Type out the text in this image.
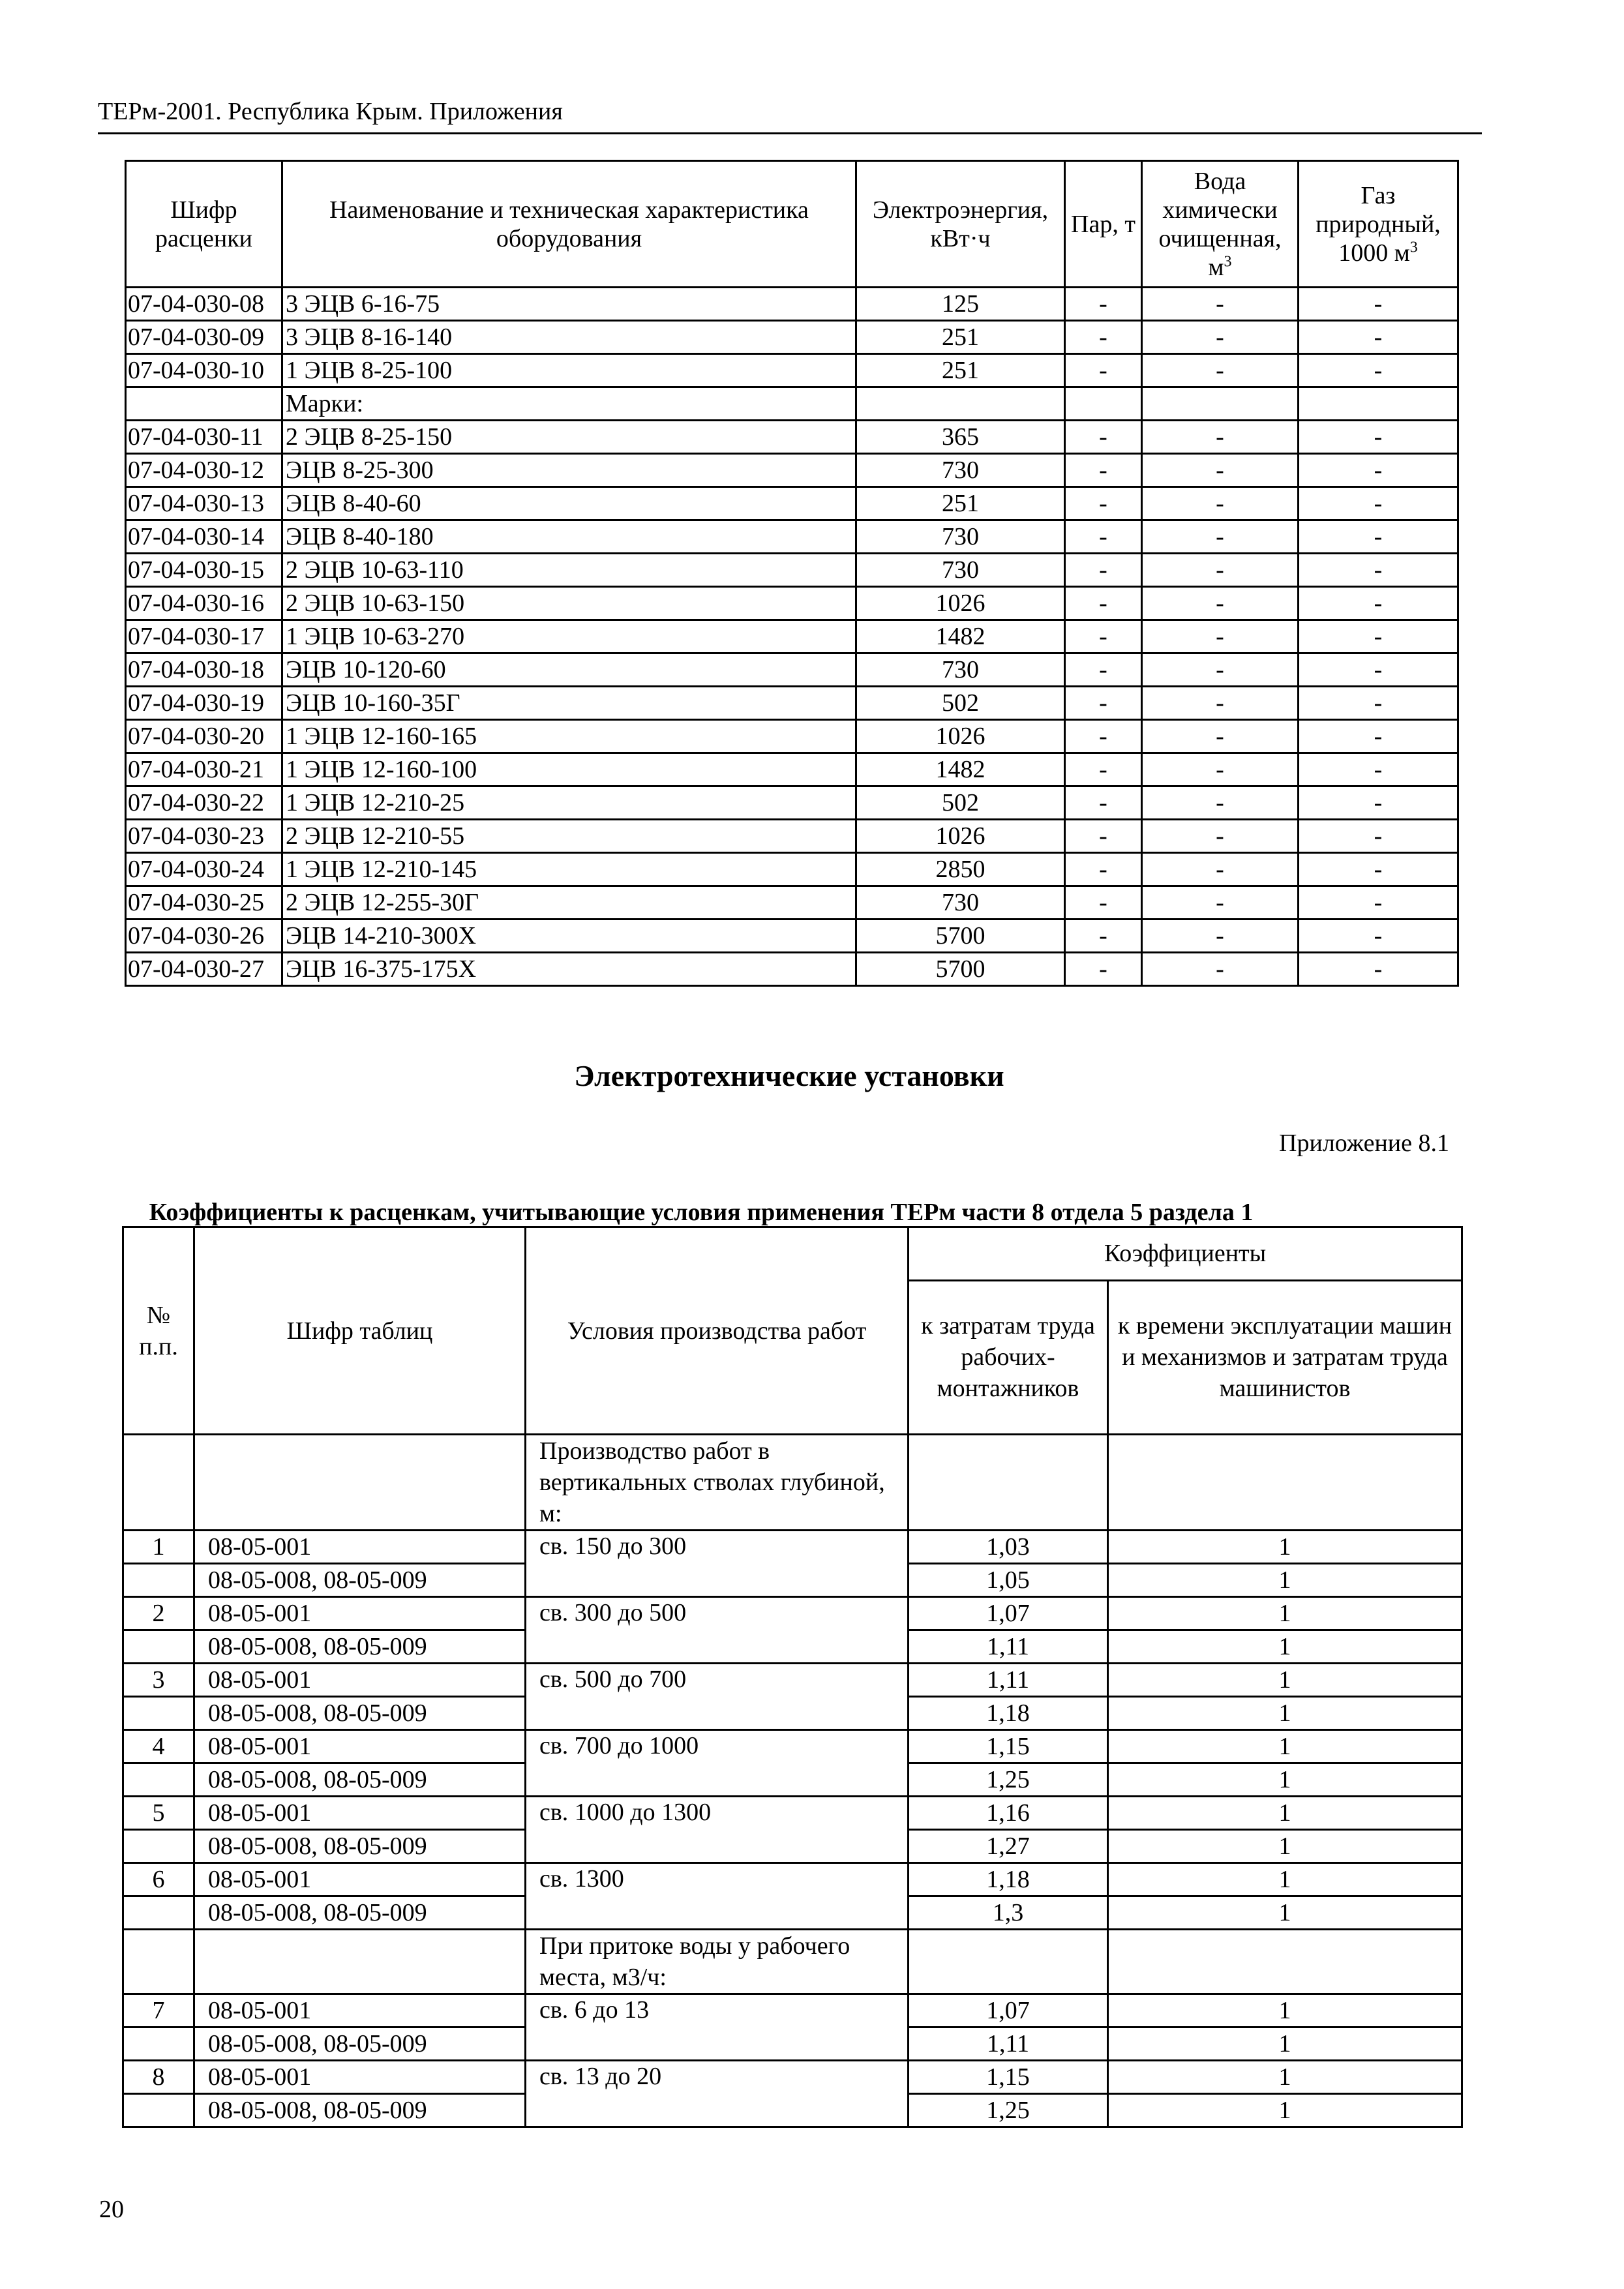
ТЕРм-2001. Республика Крым. Приложения
Шифр расценки	Наименование и техническая характеристика оборудования	Электроэнергия, кВт·ч	Пар, т	Вода химически очищенная, $м^3$	Газ природный, 1000 $м^3$
07-04-030-08	3 ЭЦВ 6-16-75	125	-	-	-
07-04-030-09	3 ЭЦВ 8-16-140	251	-	-	-
07-04-030-10	1 ЭЦВ 8-25-100	251	-	-	-
	Марки:				
07-04-030-11	2 ЭЦВ 8-25-150	365	-	-	-
07-04-030-12	ЭЦВ 8-25-300	730	-	-	-
07-04-030-13	ЭЦВ 8-40-60	251	-	-	-
07-04-030-14	ЭЦВ 8-40-180	730	-	-	-
07-04-030-15	2 ЭЦВ 10-63-110	730	-	-	-
07-04-030-16	2 ЭЦВ 10-63-150	1026	-	-	-
07-04-030-17	1 ЭЦВ 10-63-270	1482	-	-	-
07-04-030-18	ЭЦВ 10-120-60	730	-	-	-
07-04-030-19	ЭЦВ 10-160-35Г	502	-	-	-
07-04-030-20	1 ЭЦВ 12-160-165	1026	-	-	-
07-04-030-21	1 ЭЦВ 12-160-100	1482	-	-	-
07-04-030-22	1 ЭЦВ 12-210-25	502	-	-	-
07-04-030-23	2 ЭЦВ 12-210-55	1026	-	-	-
07-04-030-24	1 ЭЦВ 12-210-145	2850	-	-	-
07-04-030-25	2 ЭЦВ 12-255-30Г	730	-	-	-
07-04-030-26	ЭЦВ 14-210-300Х	5700	-	-	-
07-04-030-27	ЭЦВ 16-375-175Х	5700	-	-	-
Электротехнические установки
Приложение 8.1
Коэффициенты к расценкам, учитывающие условия применения ТЕРм части 8 отдела 5 раздела 1
№ п.п.	Шифр таблиц	Условия производства работ	Коэффициенты	
			к затратам труда рабочих-монтажников	к времени эксплуатации машин и механизмов и затратам труда машинистов
		Производство работ в вертикальных стволах глубиной, м:		
1	08-05-001	св. 150 до 300	1,03	1
	08-05-008, 08-05-009		1,05	1
2	08-05-001	св. 300 до 500	1,07	1
	08-05-008, 08-05-009		1,11	1
3	08-05-001	св. 500 до 700	1,11	1
	08-05-008, 08-05-009		1,18	1
4	08-05-001	св. 700 до 1000	1,15	1
	08-05-008, 08-05-009		1,25	1
5	08-05-001	св. 1000 до 1300	1,16	1
	08-05-008, 08-05-009		1,27	1
6	08-05-001	св. 1300	1,18	1
	08-05-008, 08-05-009		1,3	1
		При притоке воды у рабочего места, м3/ч:		
7	08-05-001	св. 6 до 13	1,07	1
	08-05-008, 08-05-009		1,11	1
8	08-05-001	св. 13 до 20	1,15	1
	08-05-008, 08-05-009		1,25	1
20
